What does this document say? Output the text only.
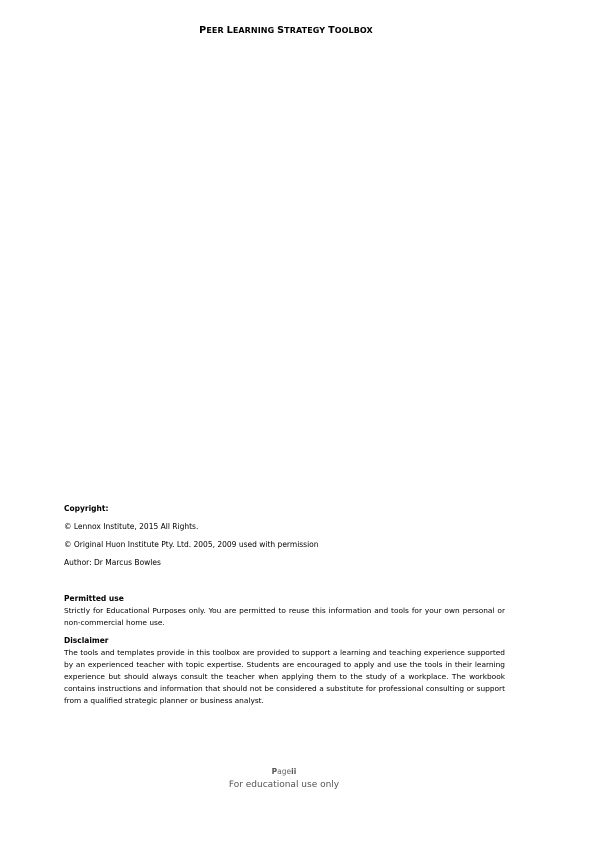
PEER LEARNING STRATEGY TOOLBOX

Copyright:

© Lennox Institute, 2015 All Rights.

© Original Huon Institute Pty. Ltd. 2005, 2009 used with permission

Author: Dr Marcus Bowles

Permitted use

Strictly for Educational Purposes only. You are permitted to reuse this information and tools for your own personal or non-commercial home use.

Disclaimer

The tools and templates provide in this toolbox are provided to support a learning and teaching experience supported by an experienced teacher with topic expertise. Students are encouraged to apply and use the tools in their learning experience but should always consult the teacher when applying them to the study of a workplace. The workbook contains instructions and information that should not be considered a substitute for professional consulting or support from a qualified strategic planner or business analyst.

Pageii
For educational use only
